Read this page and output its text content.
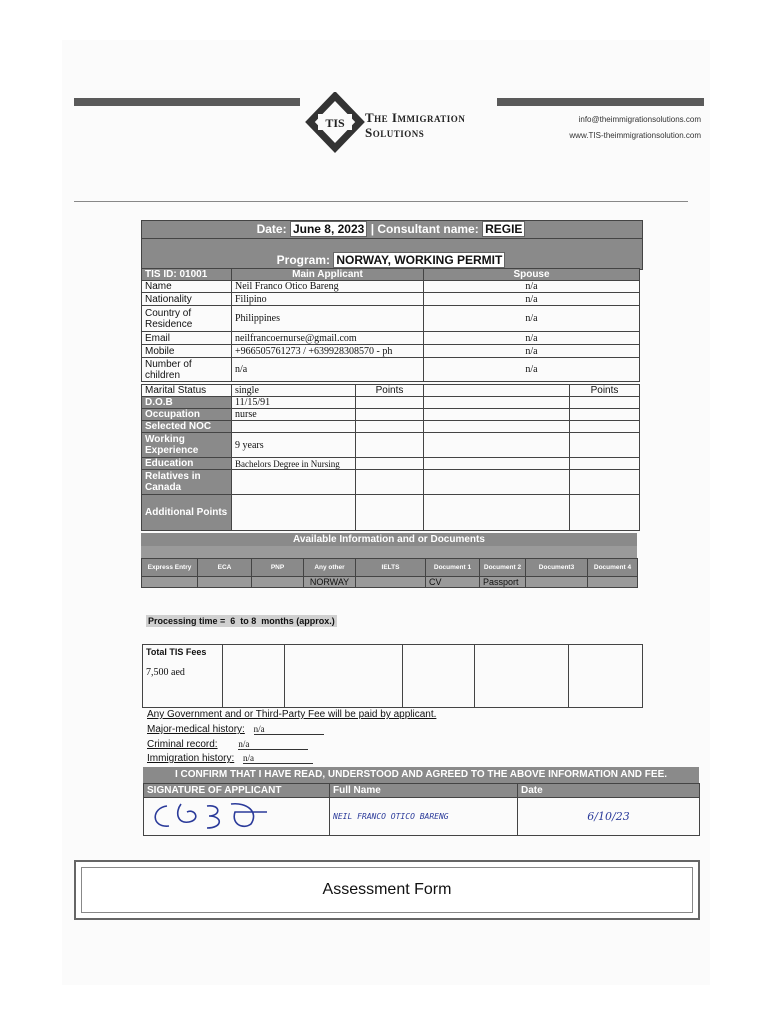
TIS The Immigration
Solutions
info@theimmigrationsolutions.com
www.TIS-theimmigrationsolution.com
Date: June 8, 2023 | Consultant name: REGIE
Program: NORWAY, WORKING PERMIT
TIS ID: 01001	Main Applicant	Spouse
Name	Neil Franco Otico Bareng	n/a
Nationality	Filipino	n/a
Country of Residence	Philippines	n/a
Email	neilfrancoernurse@gmail.com	n/a
Mobile	+966505761273 / +639928308570 - ph	n/a
Number of children	n/a	n/a
Marital Status	single	Points		Points
D.O.B	11/15/91			
Occupation	nurse			
Selected NOC				
Working Experience	9 years			
Education	Bachelors Degree in Nursing			
Relatives in Canada				
Additional Points				
Available Information and or Documents
Express Entry	ECA	PNP	Any other	IELTS	Document 1	Document 2	Document3	Document 4
			NORWAY		CV	Passport		
Processing time =  6  to 8  months (approx.)
Total TIS Fees
7,500 aed

Any Government and or Third-Party Fee will be paid by applicant.
Major-medical history: n/a
Criminal record: n/a
Immigration history: n/a
I CONFIRM THAT I HAVE READ, UNDERSTOOD AND AGREED TO THE ABOVE INFORMATION AND FEE.
SIGNATURE OF APPLICANT	Full Name	Date
	NEIL FRANCO OTICO BARENG	6/10/23
Assessment Form
